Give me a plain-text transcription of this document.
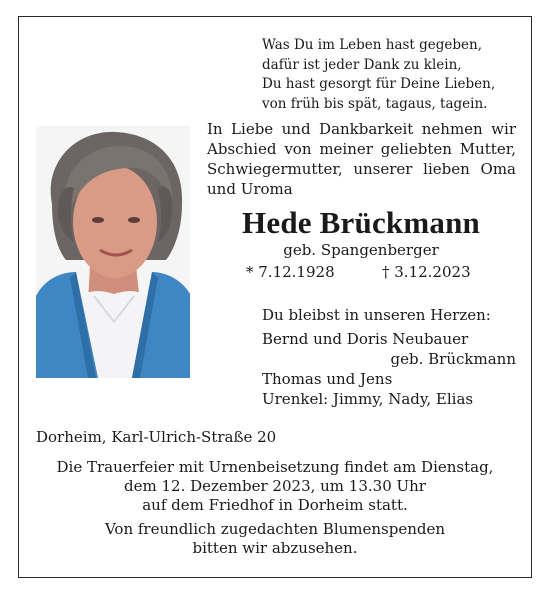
Was Du im Leben hast gegeben,
dafür ist jeder Dank zu klein,
Du hast gesorgt für Deine Lieben,
von früh bis spät, tagaus, tagein.
In Liebe und Dankbarkeit nehmen wir
Abschied von meiner geliebten Mutter,
Schwiegermutter, unserer lieben Oma
und Uroma
Hede Brückmann
geb. Spangenberger
* 7.12.1928	† 3.12.2023
Du bleibst in unseren Herzen:
Bernd und Doris Neubauer
geb. Brückmann
Thomas und Jens
Urenkel: Jimmy, Nady, Elias
Dorheim, Karl-Ulrich-Straße 20
Die Trauerfeier mit Urnenbeisetzung findet am Dienstag,
dem 12. Dezember 2023, um 13.30 Uhr
auf dem Friedhof in Dorheim statt.
Von freundlich zugedachten Blumenspenden
bitten wir abzusehen.
